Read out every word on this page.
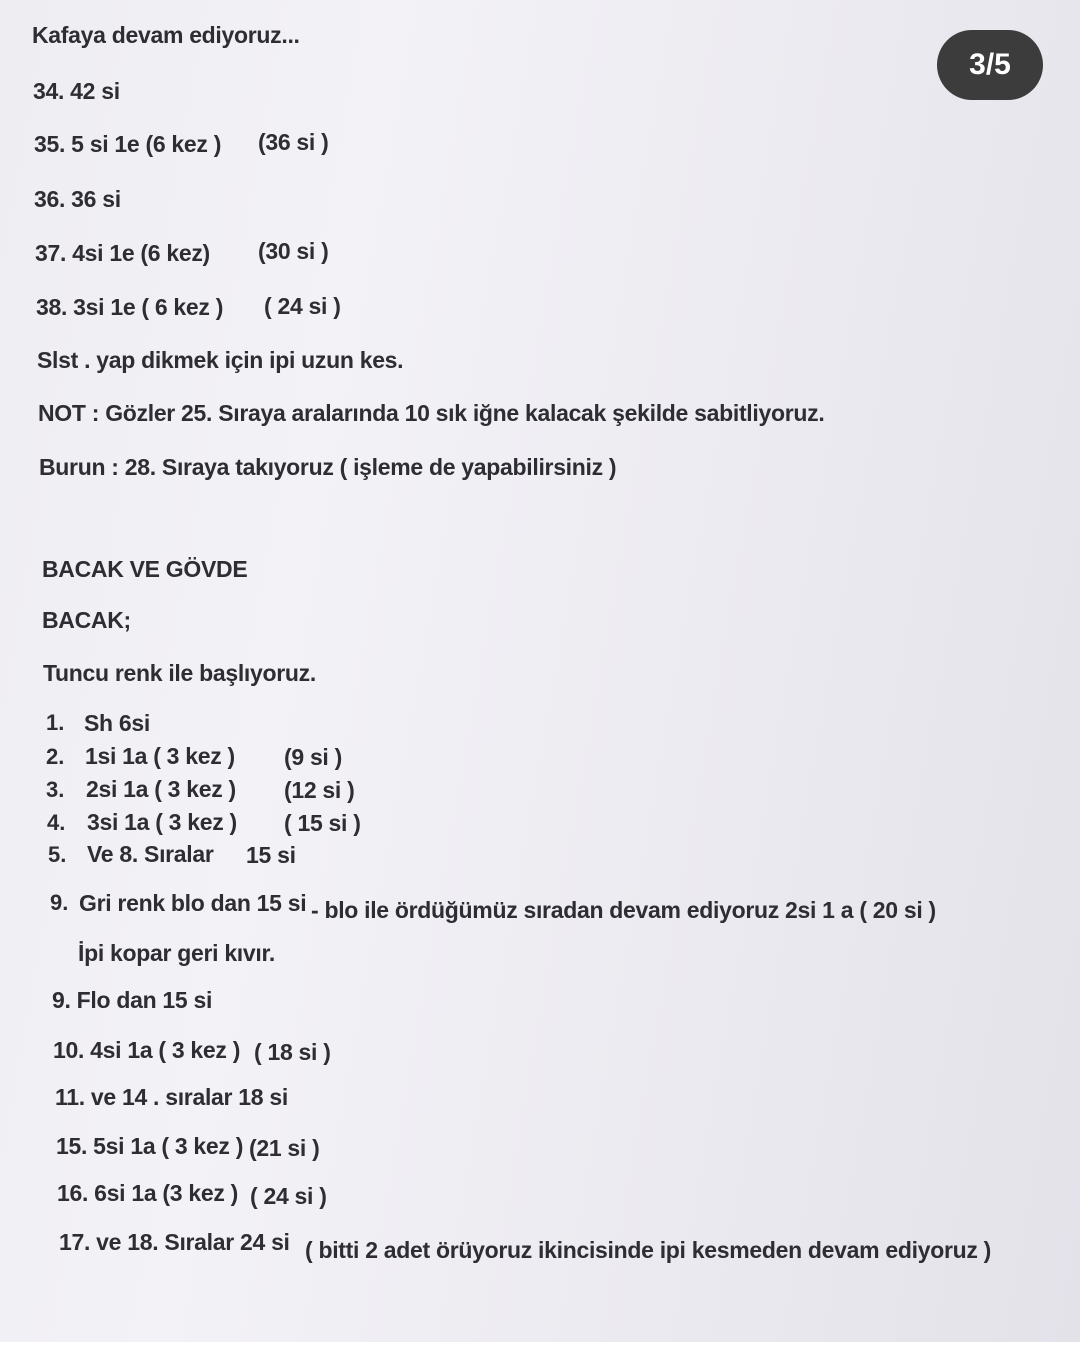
3/5
Kafaya devam ediyoruz...
34. 42 si
35. 5 si 1e (6 kez ) (36 si )
36. 36 si
37. 4si 1e (6 kez) (30 si )
38. 3si 1e ( 6 kez ) ( 24 si )
Slst . yap dikmek için ipi uzun kes.
NOT : Gözler 25. Sıraya aralarında 10 sık iğne kalacak şekilde sabitliyoruz.
Burun : 28. Sıraya takıyoruz ( işleme de yapabilirsiniz )
BACAK VE GÖVDE
BACAK;
Tuncu renk ile başlıyoruz.
1. Sh 6si
2. 1si 1a ( 3 kez ) (9 si )
3. 2si 1a ( 3 kez ) (12 si )
4. 3si 1a ( 3 kez ) ( 15 si )
5. Ve 8. Sıralar 15 si
9. Gri renk blo dan 15 si - blo ile ördüğümüz sıradan devam ediyoruz 2si 1 a ( 20 si )
İpi kopar geri kıvır.
9. Flo dan 15 si
10. 4si 1a ( 3 kez ) ( 18 si )
11. ve 14 . sıralar 18 si
15. 5si 1a ( 3 kez ) (21 si )
16. 6si 1a (3 kez ) ( 24 si )
17. ve 18. Sıralar 24 si ( bitti 2 adet örüyoruz ikincisinde ipi kesmeden devam ediyoruz )
